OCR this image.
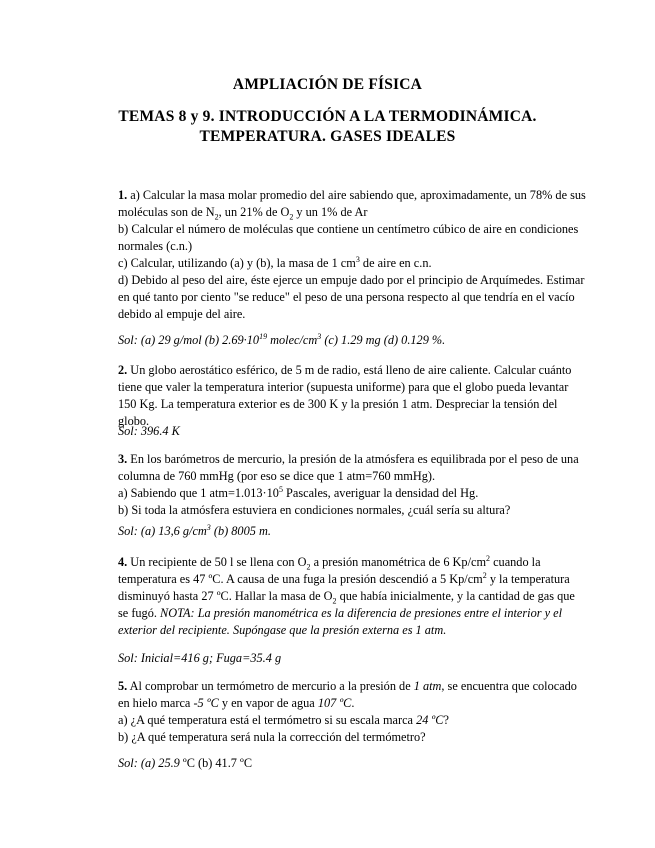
AMPLIACIÓN DE FÍSICA
TEMAS 8 y 9. INTRODUCCIÓN A LA TERMODINÁMICA.
TEMPERATURA. GASES IDEALES

1. a) Calcular la masa molar promedio del aire sabiendo que, aproximadamente, un 78% de sus moléculas son de $N_2$, un 21% de $O_2$ y un 1% de Ar

b) Calcular el número de moléculas que contiene un centímetro cúbico de aire en condiciones normales (c.n.)

c) Calcular, utilizando (a) y (b), la masa de 1 $cm^3$ de aire en c.n.

d) Debido al peso del aire, éste ejerce un empuje dado por el principio de Arquímedes. Estimar en qué tanto por ciento "se reduce" el peso de una persona respecto al que tendría en el vacío debido al empuje del aire.

Sol: (a) 29 g/mol (b) $2.69\cdot 10^{19}$ molec/$cm^3$ (c) 1.29 mg (d) 0.129 %.

2. Un globo aerostático esférico, de 5 m de radio, está lleno de aire caliente. Calcular cuánto tiene que valer la temperatura interior (supuesta uniforme) para que el globo pueda levantar 150 Kg. La temperatura exterior es de 300 K y la presión 1 atm. Despreciar la tensión del globo.

Sol: 396.4 K

3. En los barómetros de mercurio, la presión de la atmósfera es equilibrada por el peso de una columna de 760 mmHg (por eso se dice que 1 atm=760 mmHg).

a) Sabiendo que 1 $atm=1.013\cdot 10^5$ Pascales, averiguar la densidad del Hg.

b) Si toda la atmósfera estuviera en condiciones normales, ¿cuál sería su altura?

Sol: (a) 13,6 $g/cm^3$ (b) 8005 m.

4. Un recipiente de 50 l se llena con $O_2$ a presión manométrica de 6 $Kp/cm^2$ cuando la temperatura es 47 ºC. A causa de una fuga la presión descendió a 5 $Kp/cm^2$ y la temperatura disminuyó hasta 27 ºC. Hallar la masa de $O_2$ que había inicialmente, y la cantidad de gas que se fugó. NOTA: La presión manométrica es la diferencia de presiones entre el interior y el exterior del recipiente. Supóngase que la presión externa es 1 atm.

Sol: Inicial=416 g; Fuga=35.4 g

5. Al comprobar un termómetro de mercurio a la presión de 1 atm, se encuentra que colocado en hielo marca -5 ºC y en vapor de agua 107 ºC.

a) ¿A qué temperatura está el termómetro si su escala marca 24 ºC?

b) ¿A qué temperatura será nula la corrección del termómetro?

Sol: (a) 25.9 ºC (b) 41.7 ºC
